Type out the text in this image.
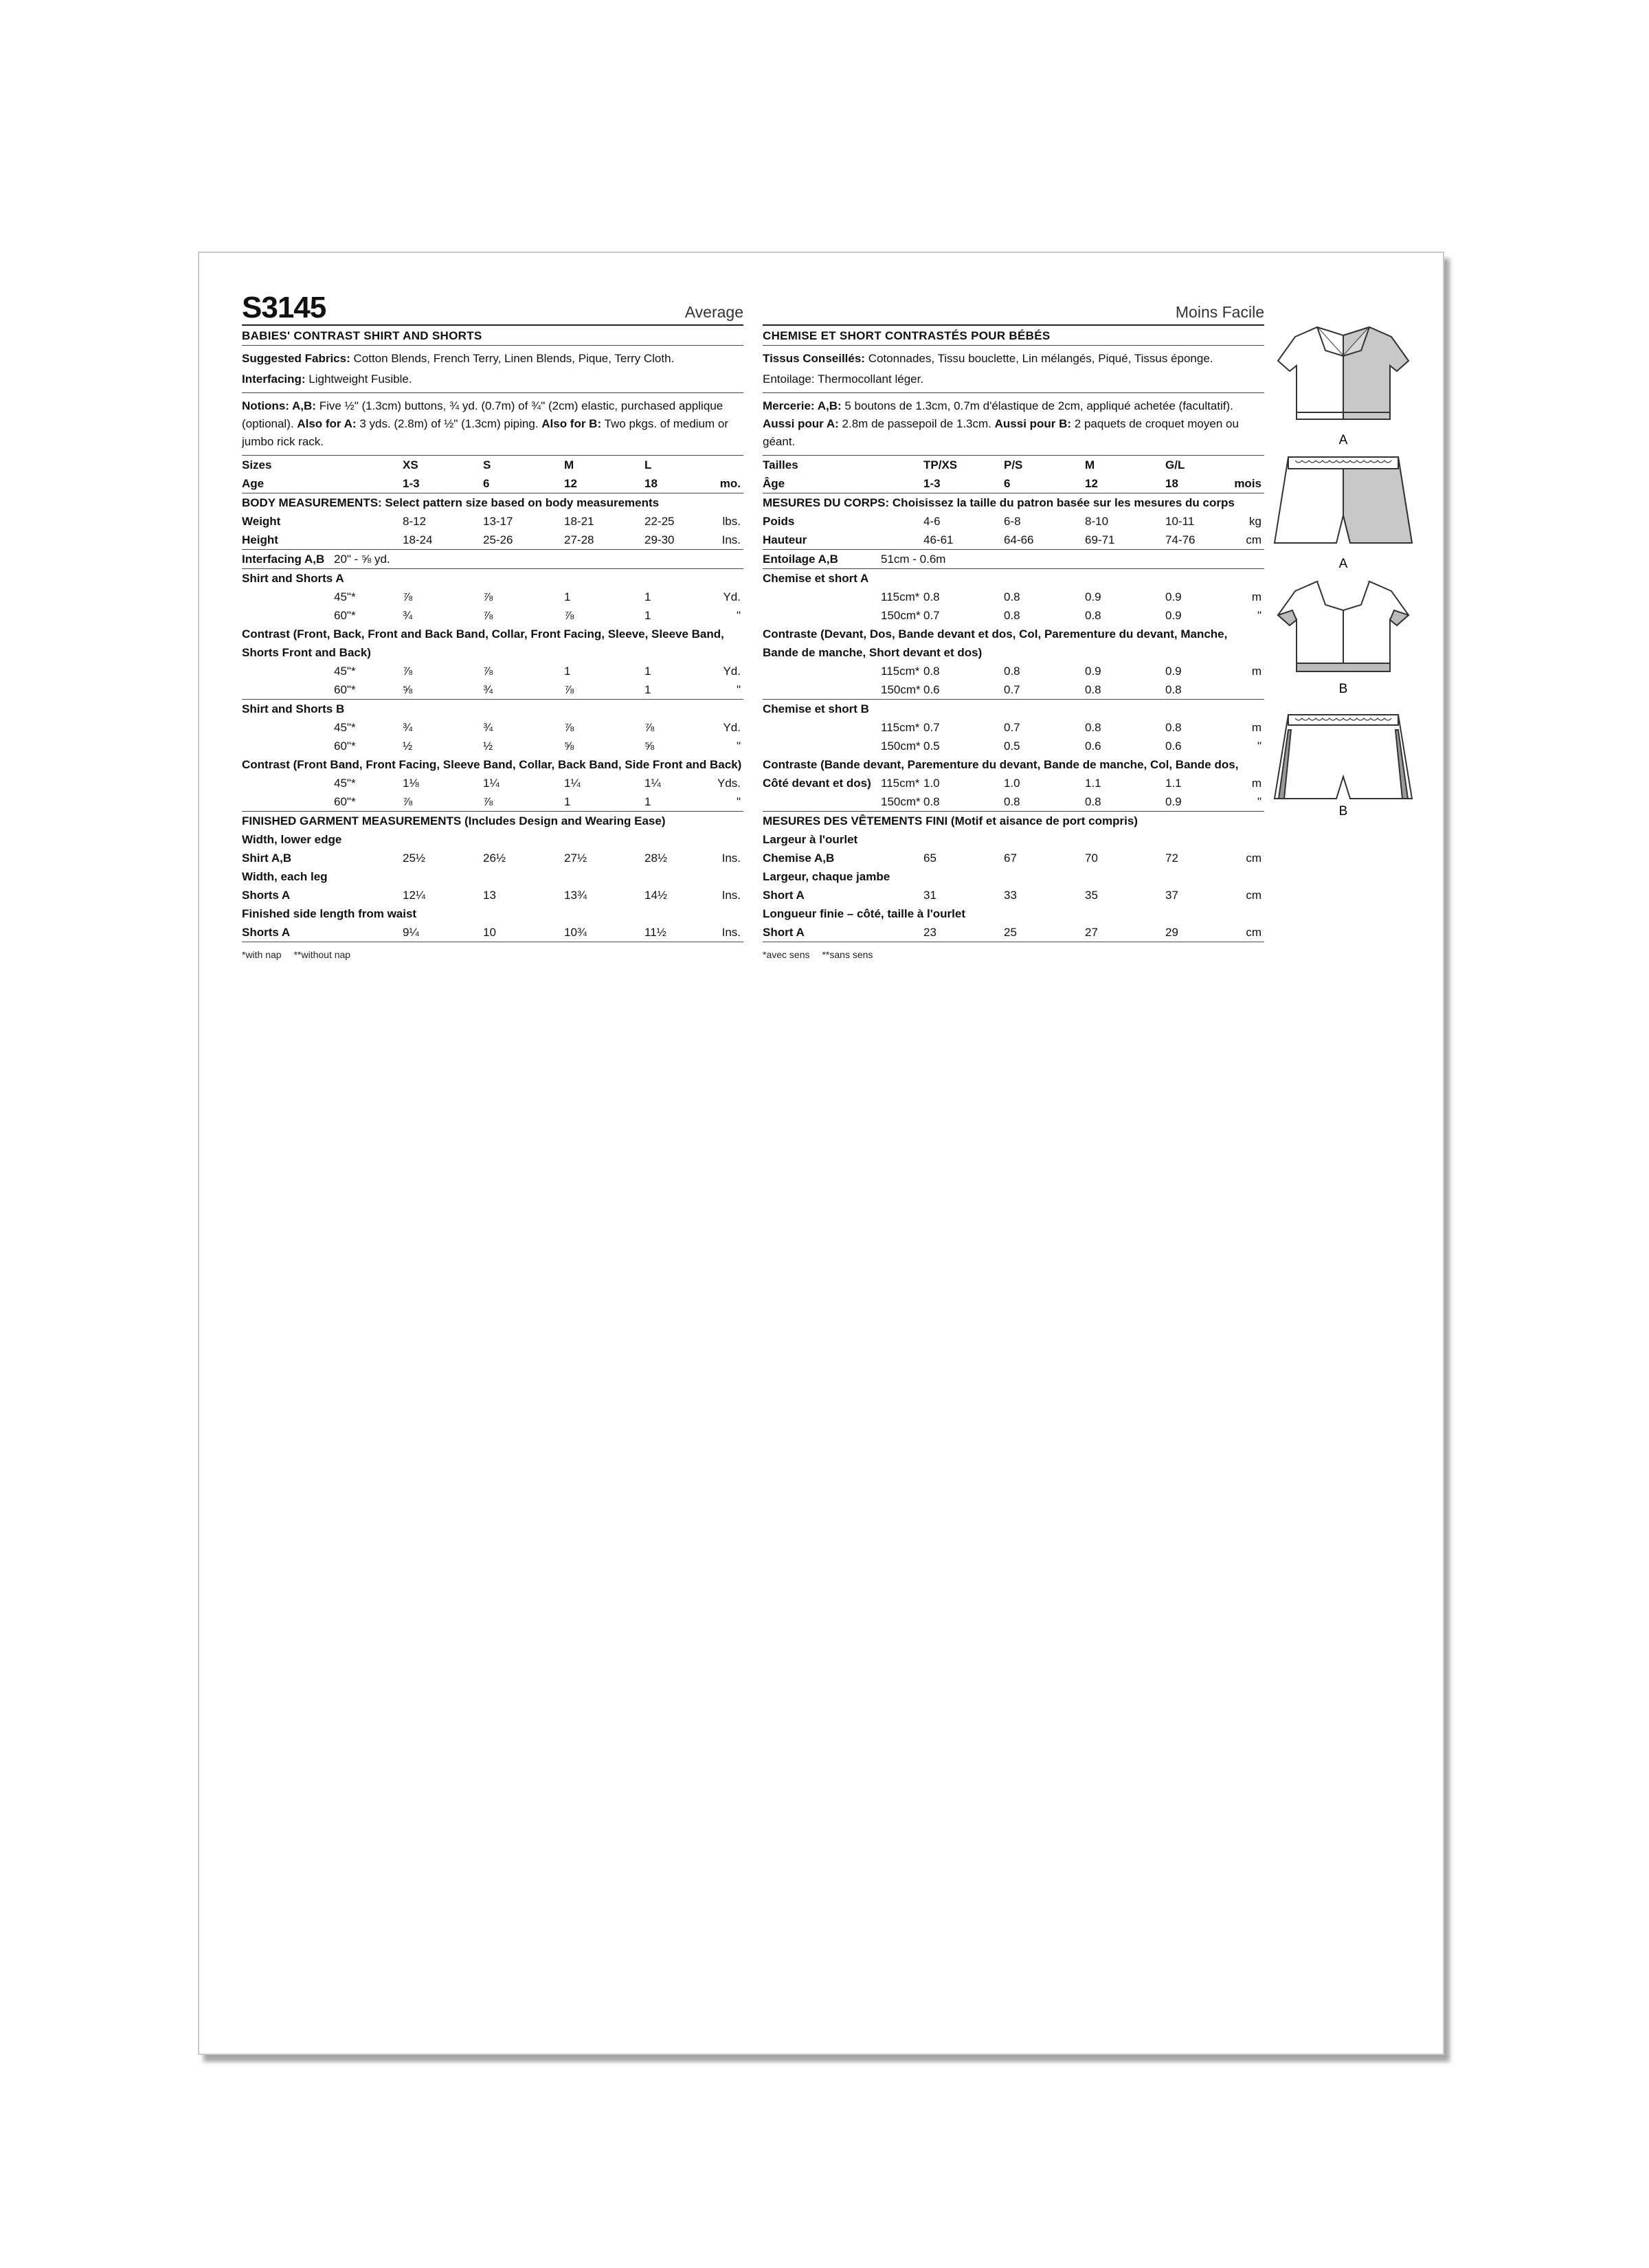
S3145	Average
BABIES' CONTRAST SHIRT AND SHORTS
Suggested Fabrics: Cotton Blends, French Terry, Linen Blends, Pique, Terry Cloth.
Interfacing: Lightweight Fusible.
Notions: A,B: Five ½" (1.3cm) buttons, ¾ yd. (0.7m) of ¾" (2cm) elastic, purchased applique (optional). Also for A: 3 yds. (2.8m) of ½" (1.3cm) piping. Also for B: Two pkgs. of medium or jumbo rick rack.
Sizes	XS	S	M	L
Age	1-3	6	12	18	mo.
BODY MEASUREMENTS: Select pattern size based on body measurements
Weight	8-12	13-17	18-21	22-25	lbs.
Height	18-24	25-26	27-28	29-30	Ins.
Interfacing A,B 20" - ⅝ yd.
Shirt and Shorts A
45"*	⅞	⅞	1	1	Yd.
60"*	¾	⅞	⅞	1	"
Contrast (Front, Back, Front and Back Band, Collar, Front Facing, Sleeve, Sleeve Band, Shorts Front and Back)
45"*	⅞	⅞	1	1	Yd.
60"*	⅝	¾	⅞	1	"
Shirt and Shorts B
45"*	¾	¾	⅞	⅞	Yd.
60"*	½	½	⅝	⅝	"
Contrast (Front Band, Front Facing, Sleeve Band, Collar, Back Band, Side Front and Back)
45"*	1⅛	1¼	1¼	1¼	Yds.
60"*	⅞	⅞	1	1	"
FINISHED GARMENT MEASUREMENTS (Includes Design and Wearing Ease)
Width, lower edge
Shirt A,B	25½	26½	27½	28½	Ins.
Width, each leg
Shorts A	12¼	13	13¾	14½	Ins.
Finished side length from waist
Shorts A	9¼	10	10¾	11½	Ins.
*with nap **without nap
Moins Facile
CHEMISE ET SHORT CONTRASTÉS POUR BÉBÉS
Tissus Conseillés: Cotonnades, Tissu bouclette, Lin mélangés, Piqué, Tissus éponge.
Entoilage: Thermocollant léger.
Mercerie: A,B: 5 boutons de 1.3cm, 0.7m d'élastique de 2cm, appliqué achetée (facultatif). Aussi pour A: 2.8m de passepoil de 1.3cm. Aussi pour B: 2 paquets de croquet moyen ou géant.
Tailles	TP/XS	P/S	M	G/L
Âge	1-3	6	12	18	mois
MESURES DU CORPS: Choisissez la taille du patron basée sur les mesures du corps
Poids	4-6	6-8	8-10	10-11	kg
Hauteur	46-61	64-66	69-71	74-76	cm
Entoilage A,B	51cm - 0.6m
Chemise et short A
115cm* 0.8	0.8	0.9	0.9	m
150cm* 0.7	0.8	0.8	0.9	"
Contraste (Devant, Dos, Bande devant et dos, Col, Parementure du devant, Manche, Bande de manche, Short devant et dos)
115cm* 0.8	0.8	0.9	0.9	m
150cm* 0.6	0.7	0.8	0.8
Chemise et short B
115cm* 0.7	0.7	0.8	0.8	m
150cm* 0.5	0.5	0.6	0.6	"
Contraste (Bande devant, Parementure du devant, Bande de manche, Col, Bande dos,
Côté devant et dos) 115cm* 1.0	1.0	1.1	1.1	m
150cm* 0.8	0.8	0.8	0.9	"
MESURES DES VÊTEMENTS FINI (Motif et aisance de port compris)
Largeur à l'ourlet
Chemise A,B	65	67	70	72	cm
Largeur, chaque jambe
Short A	31	33	35	37	cm
Longueur finie – côté, taille à l'ourlet
Short A	23	25	27	29	cm
*avec sens **sans sens
A
A
B
B
